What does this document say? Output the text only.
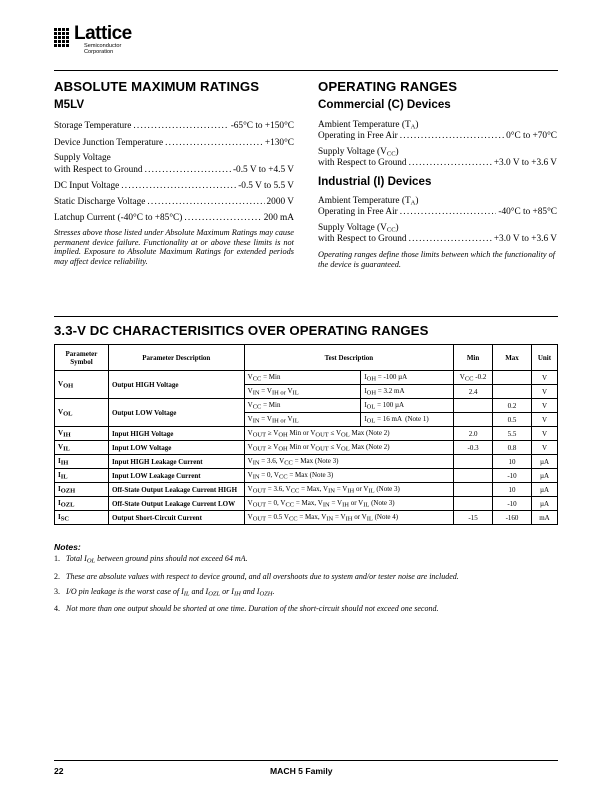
Lattice
Semiconductor
Corporation
ABSOLUTE MAXIMUM RATINGS
M5LV
Storage Temperature .....	-65°C to +150°C
Device Junction Temperature .....	+130°C
Supply Voltage
with Respect to Ground .....	-0.5 V to +4.5 V
DC Input Voltage .....	-0.5 V to 5.5 V
Static Discharge Voltage .....	2000 V
Latchup Current (-40°C to +85°C) .....	200 mA
Stresses above those listed under Absolute Maximum Ratings may cause permanent device failure. Functionality at or above these limits is not implied. Exposure to Absolute Maximum Ratings for extended periods may affect device reliability.
OPERATING RANGES
Commercial (C) Devices
Ambient Temperature $(T_A)$
Operating in Free Air .....	0°C to +70°C
Supply Voltage $(V_{CC})$
with Respect to Ground .....	+3.0 V to +3.6 V
Industrial (I) Devices
Ambient Temperature $(T_A)$
Operating in Free Air .....	-40°C to +85°C
Supply Voltage $(V_{CC})$
with Respect to Ground .....	+3.0 V to +3.6 V
Operating ranges define those limits between which the functionality of the device is guaranteed.
3.3-V DC CHARACTERISITICS OVER OPERATING RANGES
Parameter Symbol	Parameter Description	Test Description		Min	Max	Unit
VOH	Output HIGH Voltage	VCC = Min	IOH = -100 µA	VCC -0.2		V
		VIN = VIH or VIL	IOH = 3.2 mA	2.4		V
VOL	Output LOW Voltage	VCC = Min	IOL = 100 µA		0.2	V
		VIN = VIH or VIL	IOL = 16 mA  (Note 1)		0.5	V
VIH	Input HIGH Voltage	VOUT ≥ VOH Min or VOUT ≤ VOL Max (Note 2)		2.0	5.5	V
VIL	Input LOW Voltage	VOUT ≥ VOH Min or VOUT ≤ VOL Max (Note 2)		-0.3	0.8	V
IIH	Input HIGH Leakage Current	VIN = 3.6, VCC = Max (Note 3)			10	µA
IIL	Input LOW Leakage Current	VIN = 0, VCC = Max (Note 3)			-10	µA
IOZH	Off-State Output Leakage Current HIGH	VOUT = 3.6, VCC = Max, VIN = VIH or VIL (Note 3)			10	µA
IOZL	Off-State Output Leakage Current LOW	VOUT = 0, VCC = Max, VIN = VIH or VIL (Note 3)			-10	µA
ISC	Output Short-Circuit Current	VOUT = 0.5 VCC = Max, VIN = VIH or VIL (Note 4)		-15	-160	mA
Notes:

1. Total $I_{OL}$ between ground pins should not exceed 64 mA.

2. These are absolute values with respect to device ground, and all overshoots due to system and/or tester noise are included.

3. I/O pin leakage is the worst case of $I_{IL}$ and $I_{OZL}$ or $I_{IH}$ and $I_{OZH}$.

4. Not more than one output should be shorted at one time. Duration of the short-circuit should not exceed one second.

22	MACH 5 Family
